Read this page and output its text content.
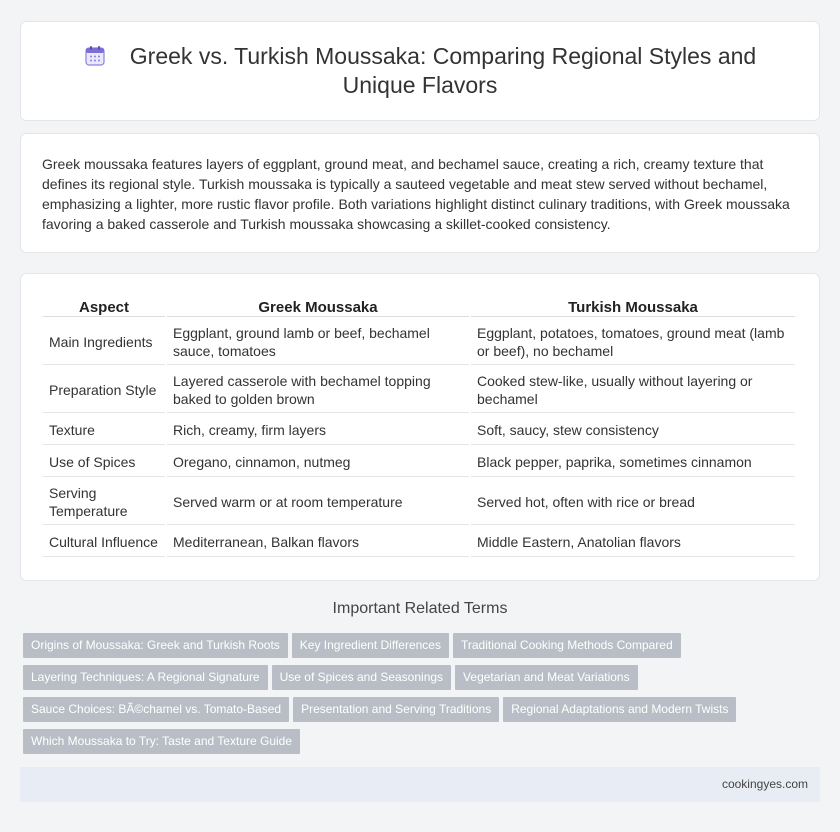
Greek vs. Turkish Moussaka: Comparing Regional Styles and Unique Flavors

Greek moussaka features layers of eggplant, ground meat, and bechamel sauce, creating a rich, creamy texture that defines its regional style. Turkish moussaka is typically a sauteed vegetable and meat stew served without bechamel, emphasizing a lighter, more rustic flavor profile. Both variations highlight distinct culinary traditions, with Greek moussaka favoring a baked casserole and Turkish moussaka showcasing a skillet-cooked consistency.

Aspect	Greek Moussaka	Turkish Moussaka
Main Ingredients	Eggplant, ground lamb or beef, bechamel sauce, tomatoes	Eggplant, potatoes, tomatoes, ground meat (lamb or beef), no bechamel
Preparation Style	Layered casserole with bechamel topping baked to golden brown	Cooked stew-like, usually without layering or bechamel
Texture	Rich, creamy, firm layers	Soft, saucy, stew consistency
Use of Spices	Oregano, cinnamon, nutmeg	Black pepper, paprika, sometimes cinnamon
Serving Temperature	Served warm or at room temperature	Served hot, often with rice or bread
Cultural Influence	Mediterranean, Balkan flavors	Middle Eastern, Anatolian flavors
Important Related Terms
Origins of Moussaka: Greek and Turkish Roots Key Ingredient Differences Traditional Cooking Methods Compared
Layering Techniques: A Regional Signature Use of Spices and Seasonings Vegetarian and Meat Variations
Sauce Choices: BÃ©chamel vs. Tomato-Based Presentation and Serving Traditions Regional Adaptations and Modern Twists
Which Moussaka to Try: Taste and Texture Guide
cookingyes.com
